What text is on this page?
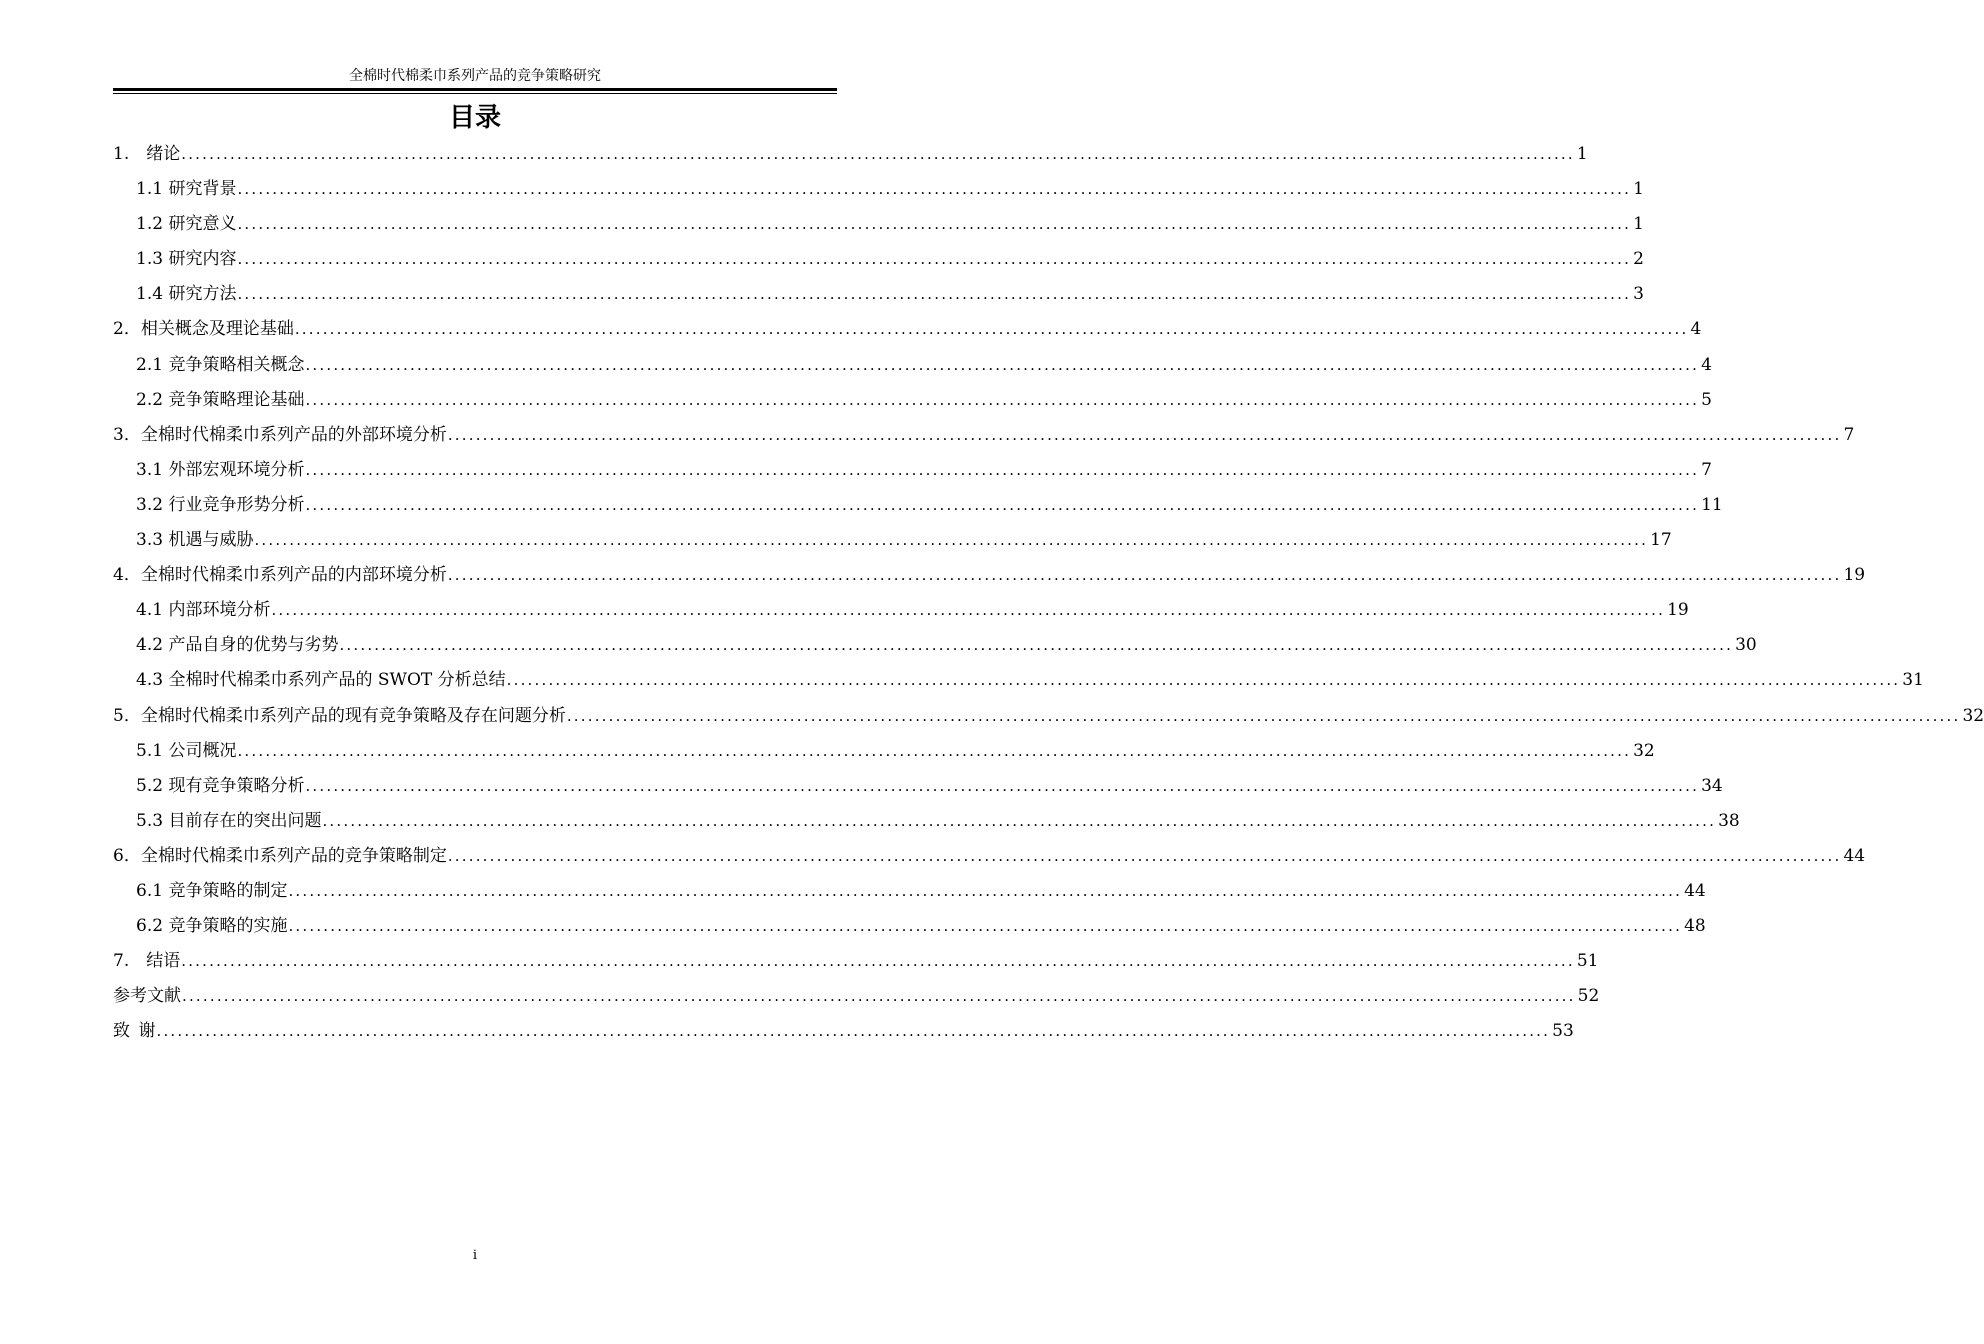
全棉时代棉柔巾系列产品的竞争策略研究
目录
1.　绪论 ........................................................................................................................................................................................................ 1
1.1 研究背景 ........................................................................................................................................................................................................ 1
1.2 研究意义 ........................................................................................................................................................................................................ 1
1.3 研究内容 ........................................................................................................................................................................................................ 2
1.4 研究方法 ........................................................................................................................................................................................................ 3
2．相关概念及理论基础 ........................................................................................................................................................................................................ 4
2.1 竞争策略相关概念 ........................................................................................................................................................................................................ 4
2.2 竞争策略理论基础 ........................................................................................................................................................................................................ 5
3．全棉时代棉柔巾系列产品的外部环境分析 ........................................................................................................................................................................................................ 7
3.1 外部宏观环境分析 ........................................................................................................................................................................................................ 7
3.2 行业竞争形势分析 ........................................................................................................................................................................................................ 11
3.3 机遇与威胁 ........................................................................................................................................................................................................ 17
4．全棉时代棉柔巾系列产品的内部环境分析 ........................................................................................................................................................................................................ 19
4.1 内部环境分析 ........................................................................................................................................................................................................ 19
4.2 产品自身的优势与劣势 ........................................................................................................................................................................................................ 30
4.3 全棉时代棉柔巾系列产品的 SWOT 分析总结 ........................................................................................................................................................................................................ 31
5．全棉时代棉柔巾系列产品的现有竞争策略及存在问题分析 ........................................................................................................................................................................................................ 32
5.1 公司概况 ........................................................................................................................................................................................................ 32
5.2 现有竞争策略分析 ........................................................................................................................................................................................................ 34
5.3 目前存在的突出问题 ........................................................................................................................................................................................................ 38
6．全棉时代棉柔巾系列产品的竞争策略制定 ........................................................................................................................................................................................................ 44
6.1 竞争策略的制定 ........................................................................................................................................................................................................ 44
6.2 竞争策略的实施 ........................................................................................................................................................................................................ 48
7.　结语 ........................................................................................................................................................................................................ 51
参考文献 ........................................................................................................................................................................................................ 52
致 谢 ........................................................................................................................................................................................................ 53
i
